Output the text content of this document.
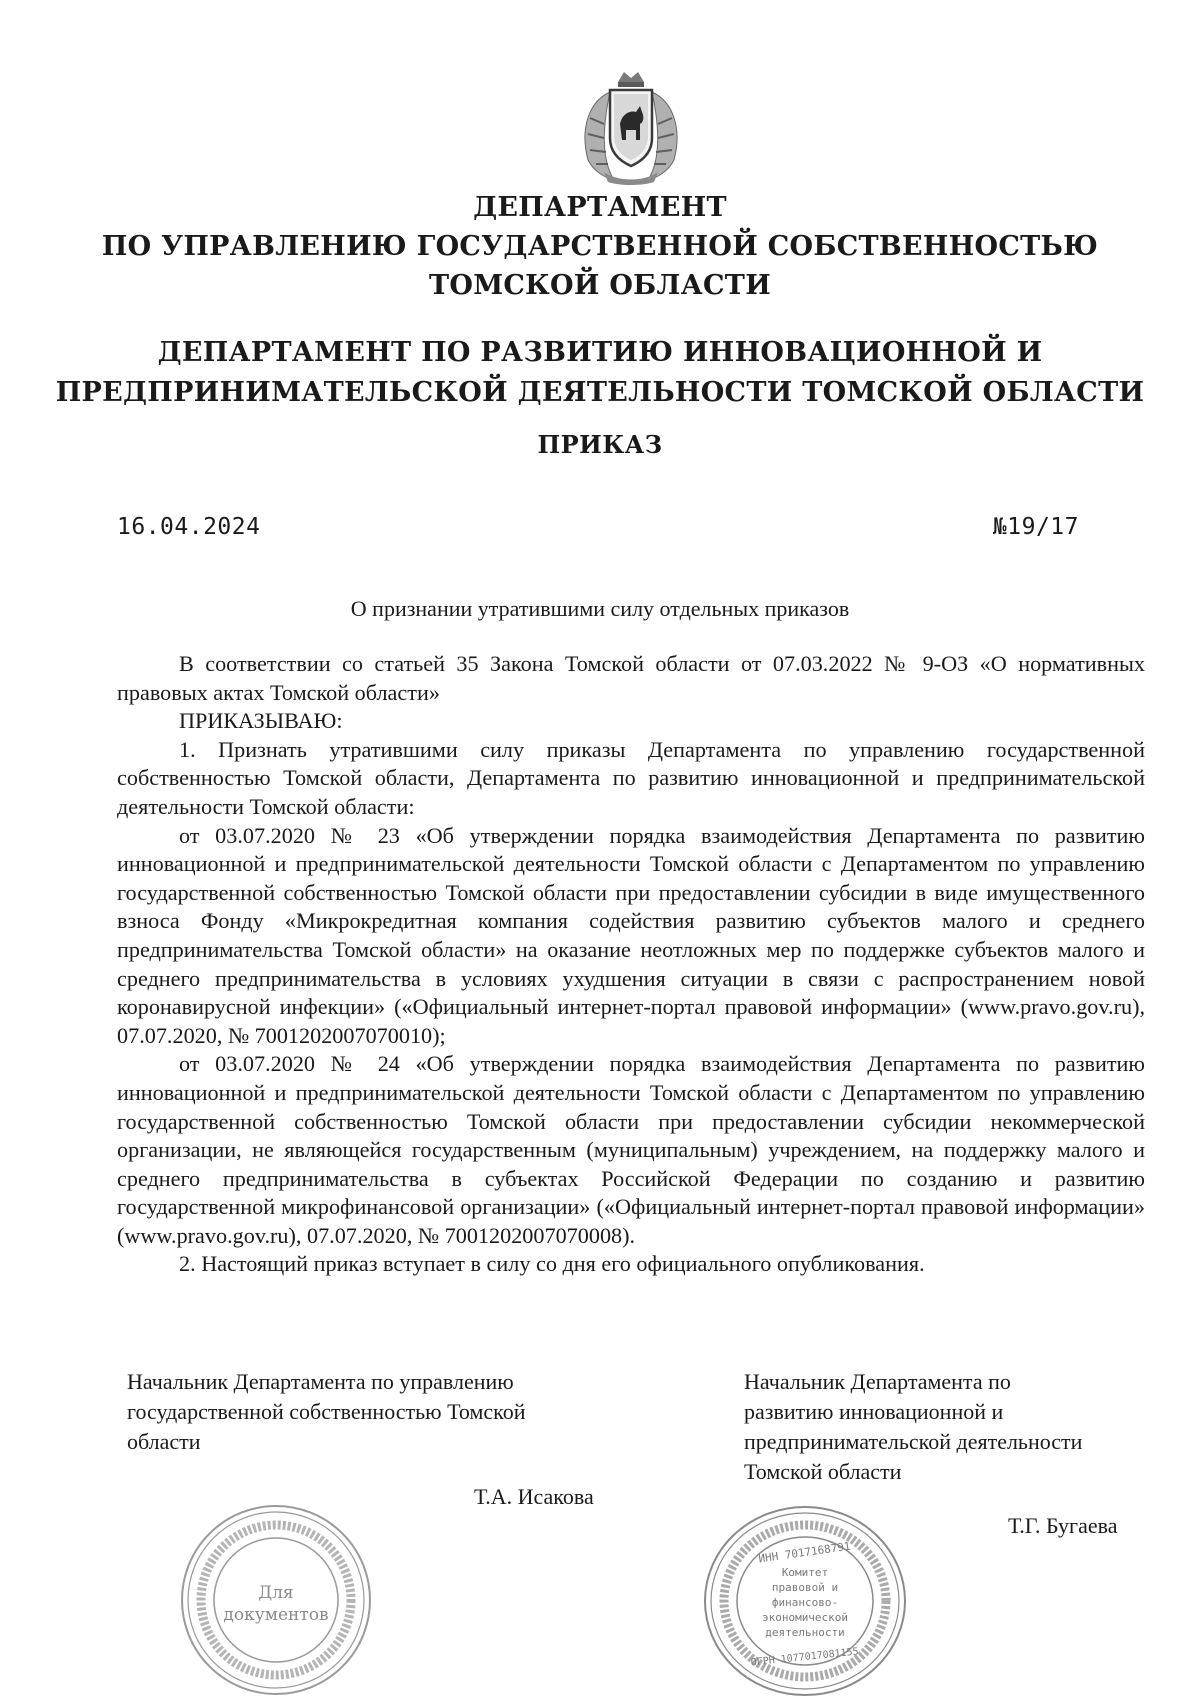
ДЕПАРТАМЕНТ
ПО УПРАВЛЕНИЮ ГОСУДАРСТВЕННОЙ СОБСТВЕННОСТЬЮ
ТОМСКОЙ ОБЛАСТИ
ДЕПАРТАМЕНТ ПО РАЗВИТИЮ ИННОВАЦИОННОЙ И
ПРЕДПРИНИМАТЕЛЬСКОЙ ДЕЯТЕЛЬНОСТИ ТОМСКОЙ ОБЛАСТИ
ПРИКАЗ
16.04.2024	№19/17
О признании утратившими силу отдельных приказов

В соответствии со статьей 35 Закона Томской области от 07.03.2022 № 9-ОЗ «О нормативных правовых актах Томской области»

ПРИКАЗЫВАЮ:

1. Признать утратившими силу приказы Департамента по управлению государственной собственностью Томской области, Департамента по развитию инновационной и предпринимательской деятельности Томской области:

от 03.07.2020 № 23 «Об утверждении порядка взаимодействия Департамента по развитию инновационной и предпринимательской деятельности Томской области с Департаментом по управлению государственной собственностью Томской области при предоставлении субсидии в виде имущественного взноса Фонду «Микрокредитная компания содействия развитию субъектов малого и среднего предпринимательства Томской области» на оказание неотложных мер по поддержке субъектов малого и среднего предпринимательства в условиях ухудшения ситуации в связи с распространением новой коронавирусной инфекции» («Официальный интернет-портал правовой информации» (www.pravo.gov.ru), 07.07.2020, № 7001202007070010);

от 03.07.2020 № 24 «Об утверждении порядка взаимодействия Департамента по развитию инновационной и предпринимательской деятельности Томской области с Департаментом по управлению государственной собственностью Томской области при предоставлении субсидии некоммерческой организации, не являющейся государственным (муниципальным) учреждением, на поддержку малого и среднего предпринимательства в субъектах Российской Федерации по созданию и развитию государственной микрофинансовой организации» («Официальный интернет-портал правовой информации» (www.pravo.gov.ru), 07.07.2020, № 7001202007070008).

2. Настоящий приказ вступает в силу со дня его официального опубликования.

Начальник Департамента по управлению
государственной собственностью Томской
области
Т.А. Исакова
Начальник Департамента по
развитию инновационной и
предпринимательской деятельности
Томской области
Т.Г. Бугаева
Для
документов
ИНН 7017168791
Комитет
правовой и
финансово-
экономической
деятельности
ОГРН 1077017081155
